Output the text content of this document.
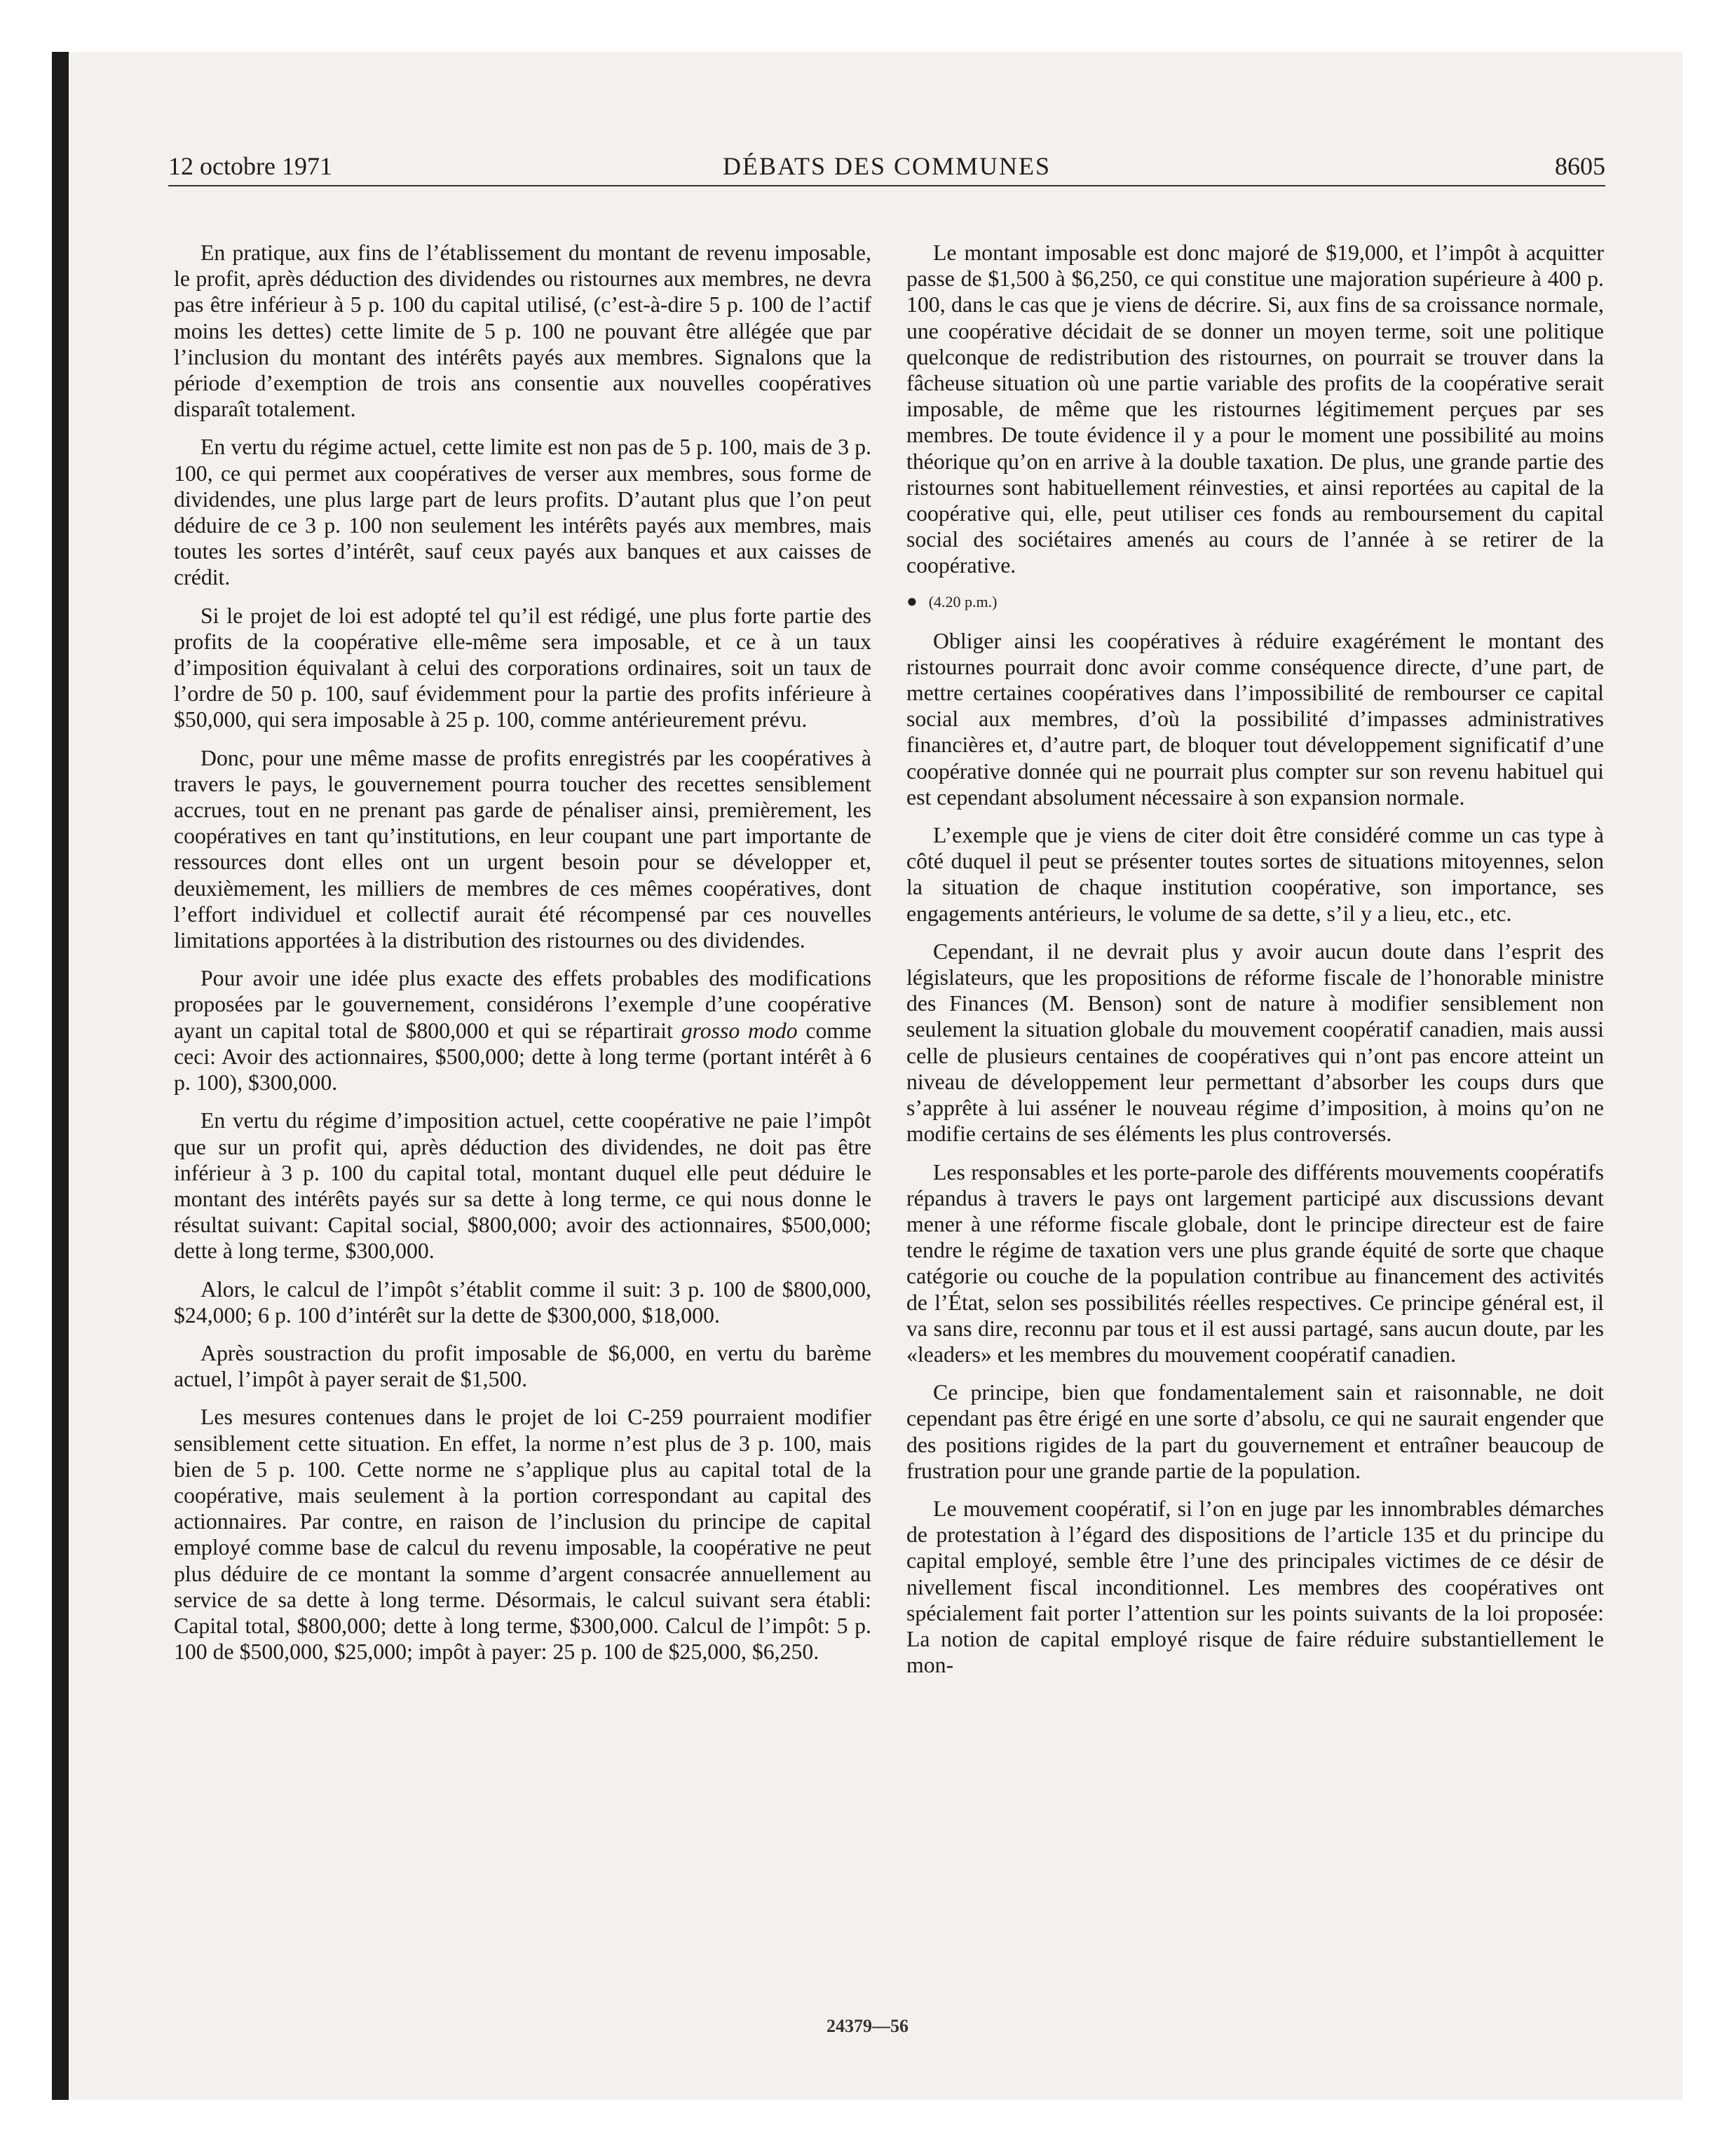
12 octobre 1971	DÉBATS DES COMMUNES	8605

En pratique, aux fins de l’établissement du montant de revenu imposable, le profit, après déduction des dividendes ou ristournes aux membres, ne devra pas être inférieur à 5 p. 100 du capital utilisé, (c’est-à-dire 5 p. 100 de l’actif moins les dettes) cette limite de 5 p. 100 ne pouvant être allégée que par l’inclusion du montant des intérêts payés aux membres. Signalons que la période d’exemption de trois ans consentie aux nouvelles coopératives disparaît totalement.

En vertu du régime actuel, cette limite est non pas de 5 p. 100, mais de 3 p. 100, ce qui permet aux coopératives de verser aux membres, sous forme de dividendes, une plus large part de leurs profits. D’autant plus que l’on peut déduire de ce 3 p. 100 non seulement les intérêts payés aux membres, mais toutes les sortes d’intérêt, sauf ceux payés aux banques et aux caisses de crédit.

Si le projet de loi est adopté tel qu’il est rédigé, une plus forte partie des profits de la coopérative elle-même sera imposable, et ce à un taux d’imposition équivalant à celui des corporations ordinaires, soit un taux de l’ordre de 50 p. 100, sauf évidemment pour la partie des profits inférieure à $50,000, qui sera imposable à 25 p. 100, comme antérieurement prévu.

Donc, pour une même masse de profits enregistrés par les coopératives à travers le pays, le gouvernement pourra toucher des recettes sensiblement accrues, tout en ne prenant pas garde de pénaliser ainsi, premièrement, les coopératives en tant qu’institutions, en leur coupant une part importante de ressources dont elles ont un urgent besoin pour se développer et, deuxièmement, les milliers de membres de ces mêmes coopératives, dont l’effort individuel et collectif aurait été récompensé par ces nouvelles limitations apportées à la distribution des ristournes ou des dividendes.

Pour avoir une idée plus exacte des effets probables des modifications proposées par le gouvernement, considérons l’exemple d’une coopérative ayant un capital total de $800,000 et qui se répartirait grosso modo comme ceci: Avoir des actionnaires, $500,000; dette à long terme (portant intérêt à 6 p. 100), $300,000.

En vertu du régime d’imposition actuel, cette coopérative ne paie l’impôt que sur un profit qui, après déduction des dividendes, ne doit pas être inférieur à 3 p. 100 du capital total, montant duquel elle peut déduire le montant des intérêts payés sur sa dette à long terme, ce qui nous donne le résultat suivant: Capital social, $800,000; avoir des actionnaires, $500,000; dette à long terme, $300,000.

Alors, le calcul de l’impôt s’établit comme il suit: 3 p. 100 de $800,000, $24,000; 6 p. 100 d’intérêt sur la dette de $300,000, $18,000.

Après soustraction du profit imposable de $6,000, en vertu du barème actuel, l’impôt à payer serait de $1,500.

Les mesures contenues dans le projet de loi C-259 pourraient modifier sensiblement cette situation. En effet, la norme n’est plus de 3 p. 100, mais bien de 5 p. 100. Cette norme ne s’applique plus au capital total de la coopérative, mais seulement à la portion correspondant au capital des actionnaires. Par contre, en raison de l’inclusion du principe de capital employé comme base de calcul du revenu imposable, la coopérative ne peut plus déduire de ce montant la somme d’argent consacrée annuellement au service de sa dette à long terme. Désormais, le calcul suivant sera établi: Capital total, $800,000; dette à long terme, $300,000. Calcul de l’impôt: 5 p. 100 de $500,000, $25,000; impôt à payer: 25 p. 100 de $25,000, $6,250.

Le montant imposable est donc majoré de $19,000, et l’impôt à acquitter passe de $1,500 à $6,250, ce qui constitue une majoration supérieure à 400 p. 100, dans le cas que je viens de décrire. Si, aux fins de sa croissance normale, une coopérative décidait de se donner un moyen terme, soit une politique quelconque de redistribution des ristournes, on pourrait se trouver dans la fâcheuse situation où une partie variable des profits de la coopérative serait imposable, de même que les ristournes légitimement perçues par ses membres. De toute évidence il y a pour le moment une possibilité au moins théorique qu’on en arrive à la double taxation. De plus, une grande partie des ristournes sont habituellement réinvesties, et ainsi reportées au capital de la coopérative qui, elle, peut utiliser ces fonds au remboursement du capital social des sociétaires amenés au cours de l’année à se retirer de la coopérative.

● (4.20 p.m.)

Obliger ainsi les coopératives à réduire exagérément le montant des ristournes pourrait donc avoir comme conséquence directe, d’une part, de mettre certaines coopératives dans l’impossibilité de rembourser ce capital social aux membres, d’où la possibilité d’impasses administratives financières et, d’autre part, de bloquer tout développement significatif d’une coopérative donnée qui ne pourrait plus compter sur son revenu habituel qui est cependant absolument nécessaire à son expansion normale.

L’exemple que je viens de citer doit être considéré comme un cas type à côté duquel il peut se présenter toutes sortes de situations mitoyennes, selon la situation de chaque institution coopérative, son importance, ses engagements antérieurs, le volume de sa dette, s’il y a lieu, etc., etc.

Cependant, il ne devrait plus y avoir aucun doute dans l’esprit des législateurs, que les propositions de réforme fiscale de l’honorable ministre des Finances (M. Benson) sont de nature à modifier sensiblement non seulement la situation globale du mouvement coopératif canadien, mais aussi celle de plusieurs centaines de coopératives qui n’ont pas encore atteint un niveau de développement leur permettant d’absorber les coups durs que s’apprête à lui asséner le nouveau régime d’imposition, à moins qu’on ne modifie certains de ses éléments les plus controversés.

Les responsables et les porte-parole des différents mouvements coopératifs répandus à travers le pays ont largement participé aux discussions devant mener à une réforme fiscale globale, dont le principe directeur est de faire tendre le régime de taxation vers une plus grande équité de sorte que chaque catégorie ou couche de la population contribue au financement des activités de l’État, selon ses possibilités réelles respectives. Ce principe général est, il va sans dire, reconnu par tous et il est aussi partagé, sans aucun doute, par les «leaders» et les membres du mouvement coopératif canadien.

Ce principe, bien que fondamentalement sain et raisonnable, ne doit cependant pas être érigé en une sorte d’absolu, ce qui ne saurait engender que des positions rigides de la part du gouvernement et entraîner beaucoup de frustration pour une grande partie de la population.

Le mouvement coopératif, si l’on en juge par les innombrables démarches de protestation à l’égard des dispositions de l’article 135 et du principe du capital employé, semble être l’une des principales victimes de ce désir de nivellement fiscal inconditionnel. Les membres des coopératives ont spécialement fait porter l’attention sur les points suivants de la loi proposée: La notion de capital employé risque de faire réduire substantiellement le mon-

24379—56
